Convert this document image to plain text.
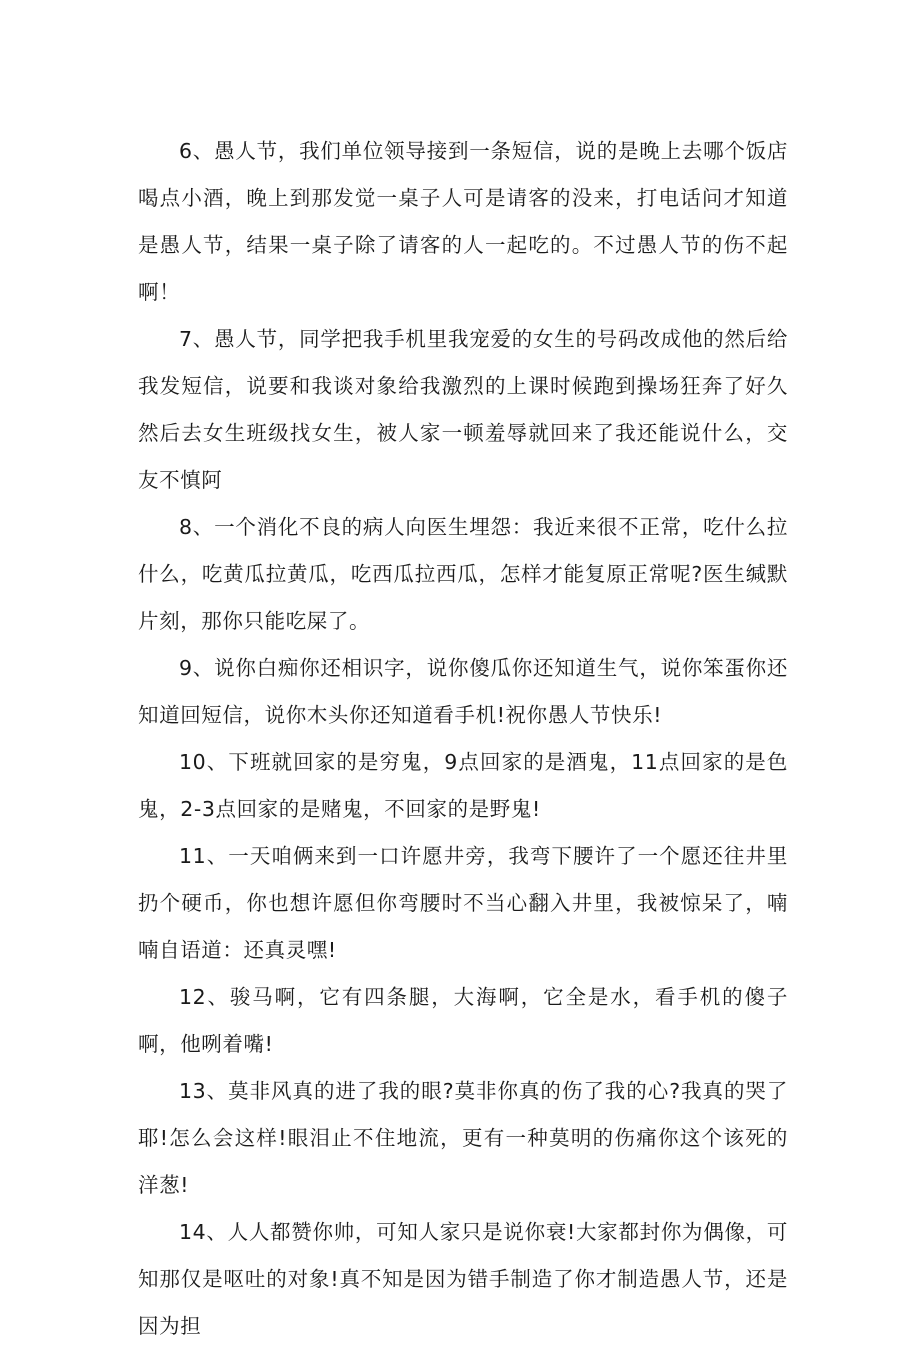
6、愚人节，我们单位领导接到一条短信，说的是晚上去哪个饭店喝点小酒，晚上到那发觉一桌子人可是请客的没来，打电话问才知道是愚人节，结果一桌子除了请客的人一起吃的。不过愚人节的伤不起啊！

7、愚人节，同学把我手机里我宠爱的女生的号码改成他的然后给我发短信，说要和我谈对象给我激烈的上课时候跑到操场狂奔了好久然后去女生班级找女生，被人家一顿羞辱就回来了我还能说什么，交友不慎阿

8、一个消化不良的病人向医生埋怨：我近来很不正常，吃什么拉什么，吃黄瓜拉黄瓜，吃西瓜拉西瓜，怎样才能复原正常呢?医生缄默片刻，那你只能吃屎了。

9、说你白痴你还相识字，说你傻瓜你还知道生气，说你笨蛋你还知道回短信，说你木头你还知道看手机!祝你愚人节快乐!

10、下班就回家的是穷鬼，9点回家的是酒鬼，11点回家的是色鬼，2-3点回家的是赌鬼，不回家的是野鬼!

11、一天咱俩来到一口许愿井旁，我弯下腰许了一个愿还往井里扔个硬币，你也想许愿但你弯腰时不当心翻入井里，我被惊呆了，喃喃自语道：还真灵嘿!

12、骏马啊，它有四条腿，大海啊，它全是水，看手机的傻子啊，他咧着嘴!

13、莫非风真的进了我的眼?莫非你真的伤了我的心?我真的哭了耶!怎么会这样!眼泪止不住地流，更有一种莫明的伤痛你这个该死的洋葱!

14、人人都赞你帅，可知人家只是说你衰!大家都封你为偶像，可知那仅是呕吐的对象!真不知是因为错手制造了你才制造愚人节，还是因为担
